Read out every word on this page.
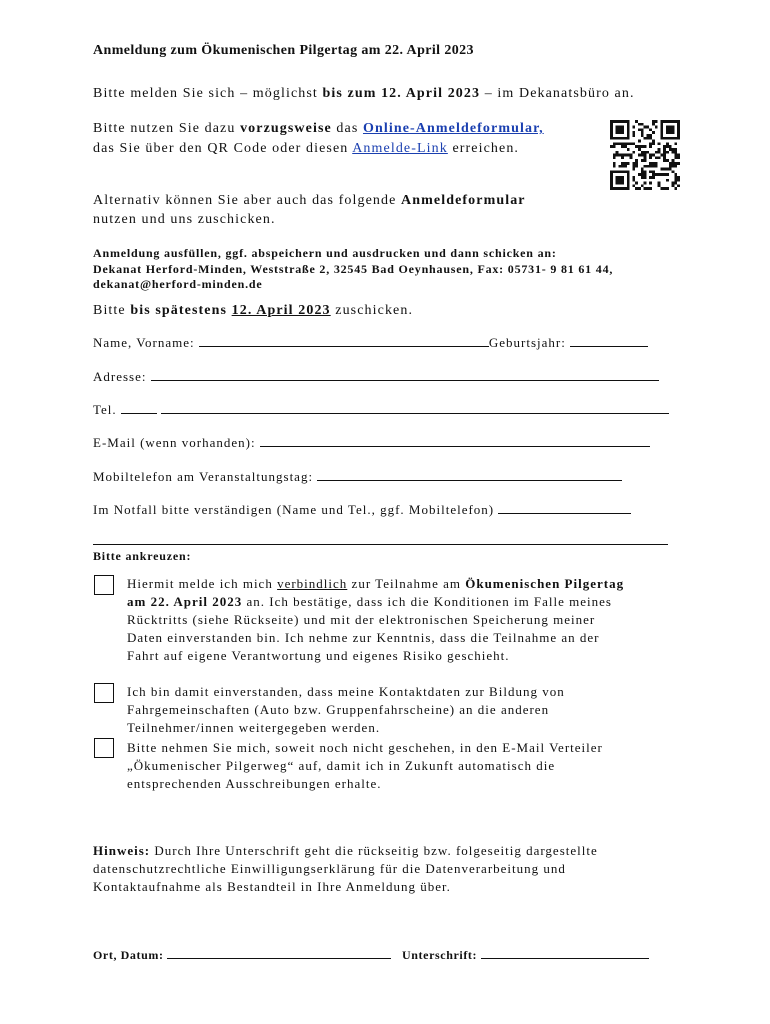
Anmeldung zum Ökumenischen Pilgertag am 22. April 2023
Bitte melden Sie sich – möglichst bis zum 12. April 2023 – im Dekanatsbüro an.
Bitte nutzen Sie dazu vorzugsweise das Online-Anmeldeformular,
das Sie über den QR Code oder diesen Anmelde-Link erreichen.
Alternativ können Sie aber auch das folgende Anmeldeformular
nutzen und uns zuschicken.
Anmeldung ausfüllen, ggf. abspeichern und ausdrucken und dann schicken an:
Dekanat Herford-Minden, Weststraße 2, 32545 Bad Oeynhausen, Fax: 05731- 9 81 61 44,
dekanat@herford-minden.de
Bitte bis spätestens 12. April 2023 zuschicken.
Name, Vorname:	Geburtsjahr:
Adresse:
Tel.
E-Mail (wenn vorhanden):
Mobiltelefon am Veranstaltungstag:
Im Notfall bitte verständigen (Name und Tel., ggf. Mobiltelefon)
Bitte ankreuzen:
Hiermit melde ich mich verbindlich zur Teilnahme am Ökumenischen Pilgertag
am 22. April 2023 an. Ich bestätige, dass ich die Konditionen im Falle meines
Rücktritts (siehe Rückseite) und mit der elektronischen Speicherung meiner
Daten einverstanden bin. Ich nehme zur Kenntnis, dass die Teilnahme an der
Fahrt auf eigene Verantwortung und eigenes Risiko geschieht.
Ich bin damit einverstanden, dass meine Kontaktdaten zur Bildung von
Fahrgemeinschaften (Auto bzw. Gruppenfahrscheine) an die anderen
Teilnehmer/innen weitergegeben werden.
Bitte nehmen Sie mich, soweit noch nicht geschehen, in den E-Mail Verteiler
„Ökumenischer Pilgerweg“ auf, damit ich in Zukunft automatisch die
entsprechenden Ausschreibungen erhalte.
Hinweis: Durch Ihre Unterschrift geht die rückseitig bzw. folgeseitig dargestellte
datenschutzrechtliche Einwilligungserklärung für die Datenverarbeitung und
Kontaktaufnahme als Bestandteil in Ihre Anmeldung über.
Ort, Datum:	Unterschrift:
